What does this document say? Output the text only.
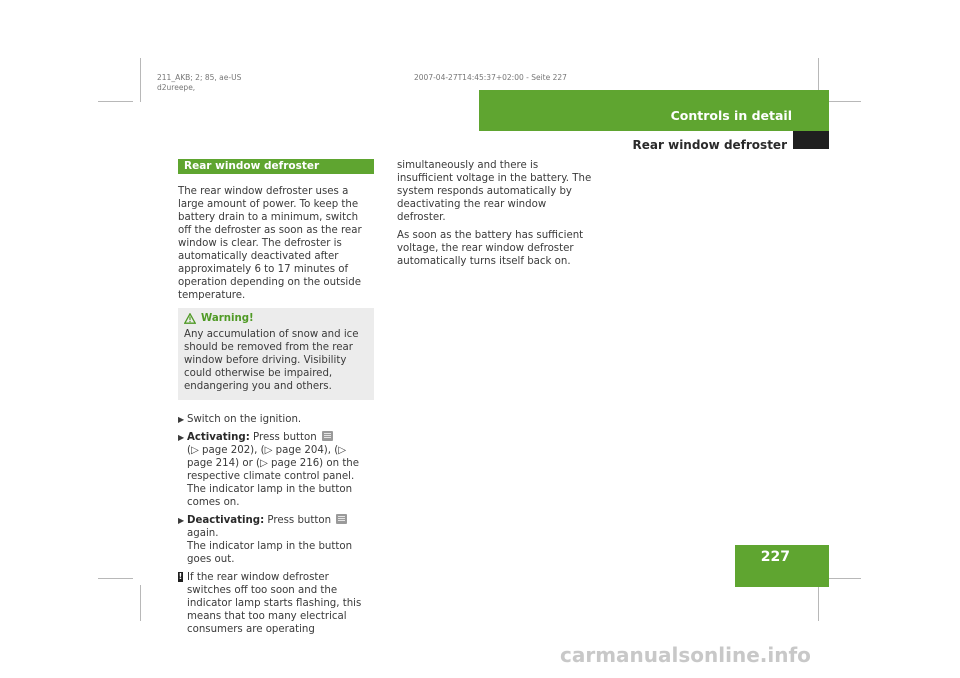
211_AKB; 2; 85, ae-US
d2ureepe,
2007-04-27T14:45:37+02:00 - Seite 227
Controls in detail
Rear window defroster
227
Rear window defroster

The rear window defroster uses a large amount of power. To keep the battery drain to a minimum, switch off the defroster as soon as the rear window is clear. The defroster is automatically deactivated after approximately 6 to 17 minutes of operation depending on the outside temperature.

Warning!

Any accumulation of snow and ice should be removed from the rear window before driving. Visibility could otherwise be impaired, endangering you and others.

▶ Switch on the ignition.
▶ Activating: Press button
(▷ page 202), (▷ page 204), (▷ page 214) or (▷ page 216) on the respective climate control panel.
The indicator lamp in the button comes on.
▶ Deactivating: Press button  again.
The indicator lamp in the button goes out.
! If the rear window defroster switches off too soon and the indicator lamp starts flashing, this means that too many electrical consumers are operating

simultaneously and there is insufficient voltage in the battery. The system responds automatically by deactivating the rear window defroster.

As soon as the battery has sufficient voltage, the rear window defroster automatically turns itself back on.

carmanualsonline.info
